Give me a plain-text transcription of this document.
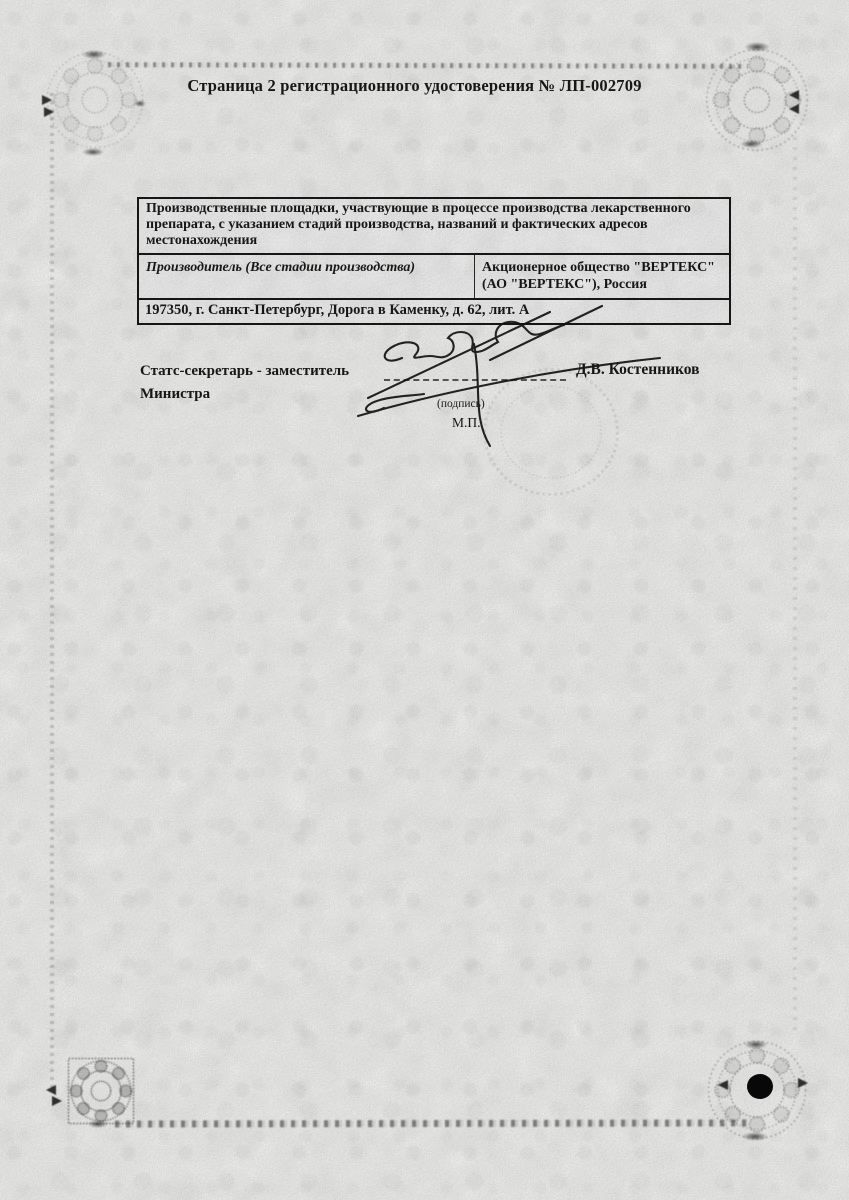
Страница 2 регистрационного удостоверения № ЛП-002709
Производственные площадки, участвующие в процессе производства лекарственного препарата, с указанием стадий производства, названий и фактических адресов местонахождения
Производитель (Все стадии производства)	Акционерное общество "ВЕРТЕКС"
(АО "ВЕРТЕКС"), Россия
197350, г. Санкт-Петербург, Дорога в Каменку, д. 62, лит. А
Статс-секретарь - заместитель
Министра
(подпись)
М.П.
Д.В. Костенников
